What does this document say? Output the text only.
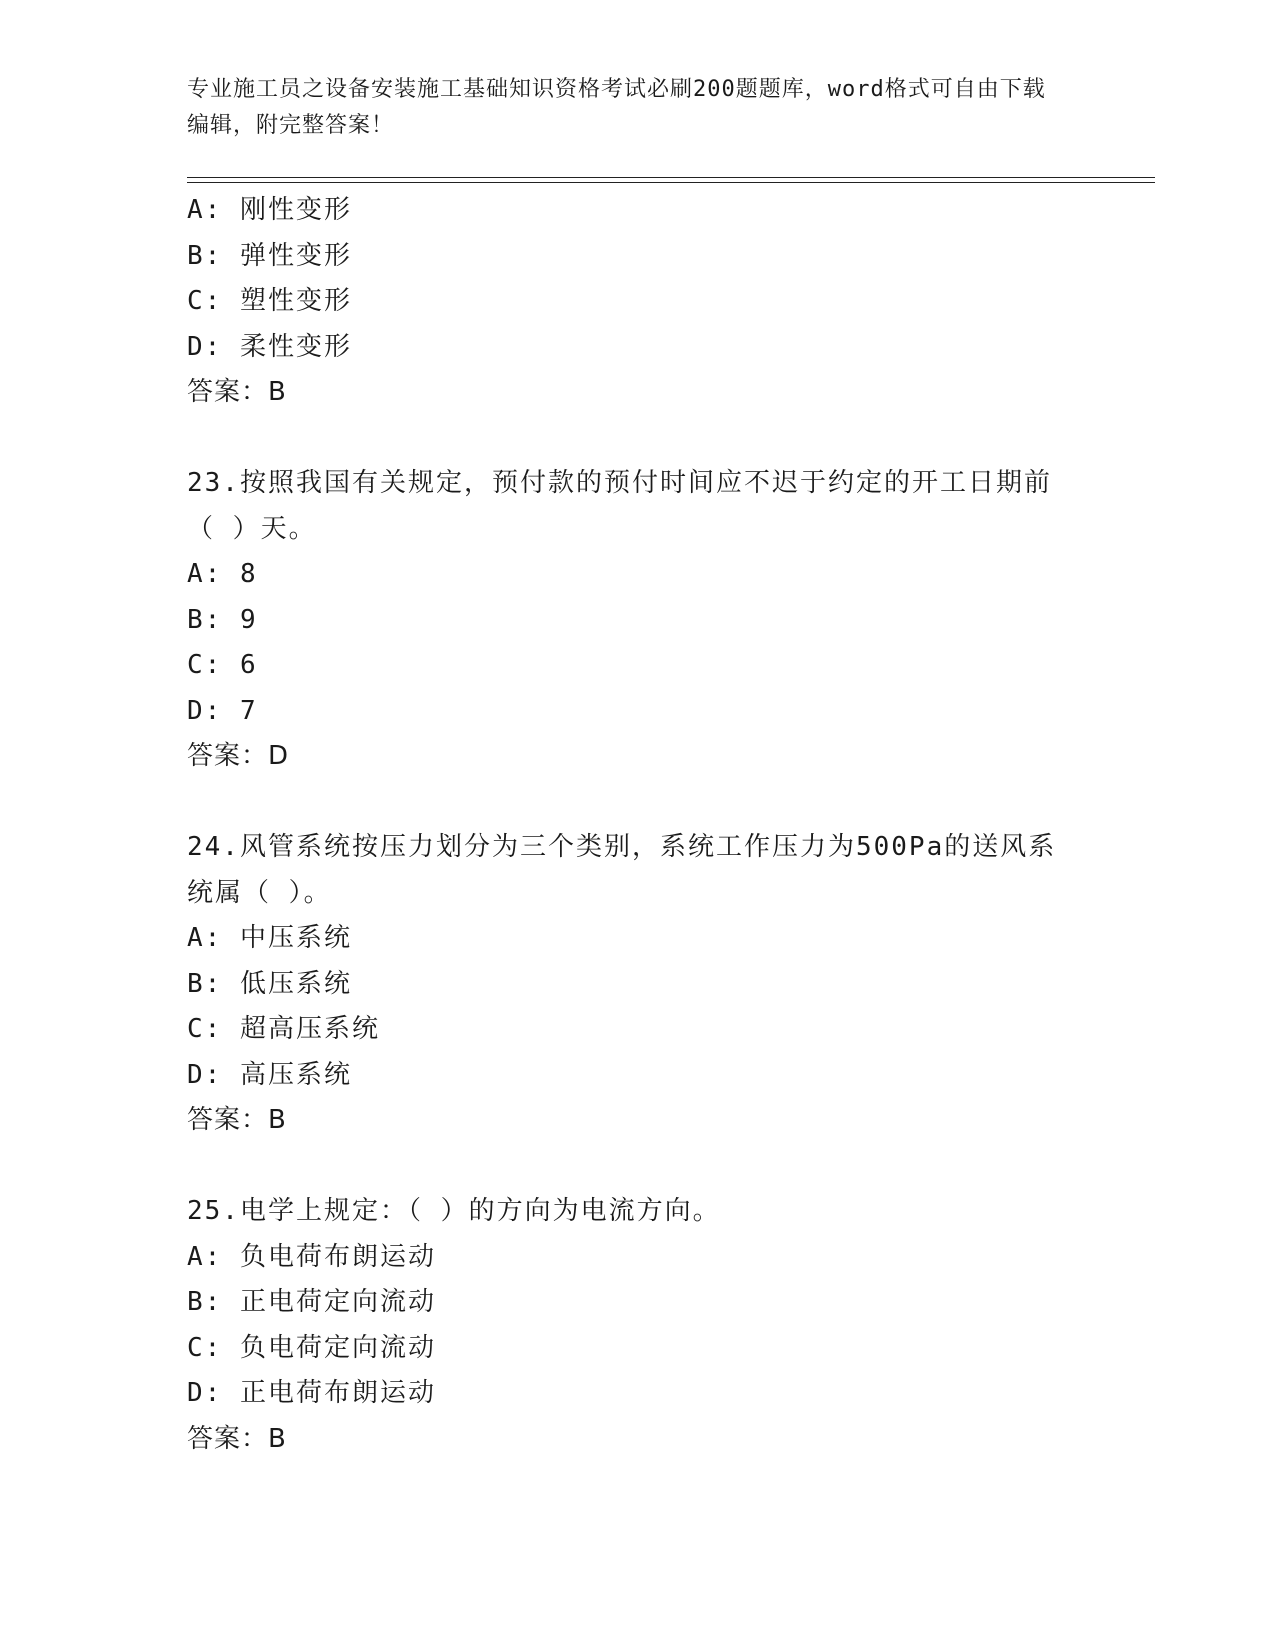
专业施工员之设备安装施工基础知识资格考试必刷200题题库，word格式可自由下载编辑，附完整答案！
A: 刚性变形
B: 弹性变形
C: 塑性变形
D: 柔性变形
答案：B
23.按照我国有关规定，预付款的预付时间应不迟于约定的开工日期前（ ）天。
A: 8
B: 9
C: 6
D: 7
答案：D
24.风管系统按压力划分为三个类别，系统工作压力为500Pa的送风系统属（ ）。
A: 中压系统
B: 低压系统
C: 超高压系统
D: 高压系统
答案：B
25.电学上规定：（ ）的方向为电流方向。
A: 负电荷布朗运动
B: 正电荷定向流动
C: 负电荷定向流动
D: 正电荷布朗运动
答案：B
